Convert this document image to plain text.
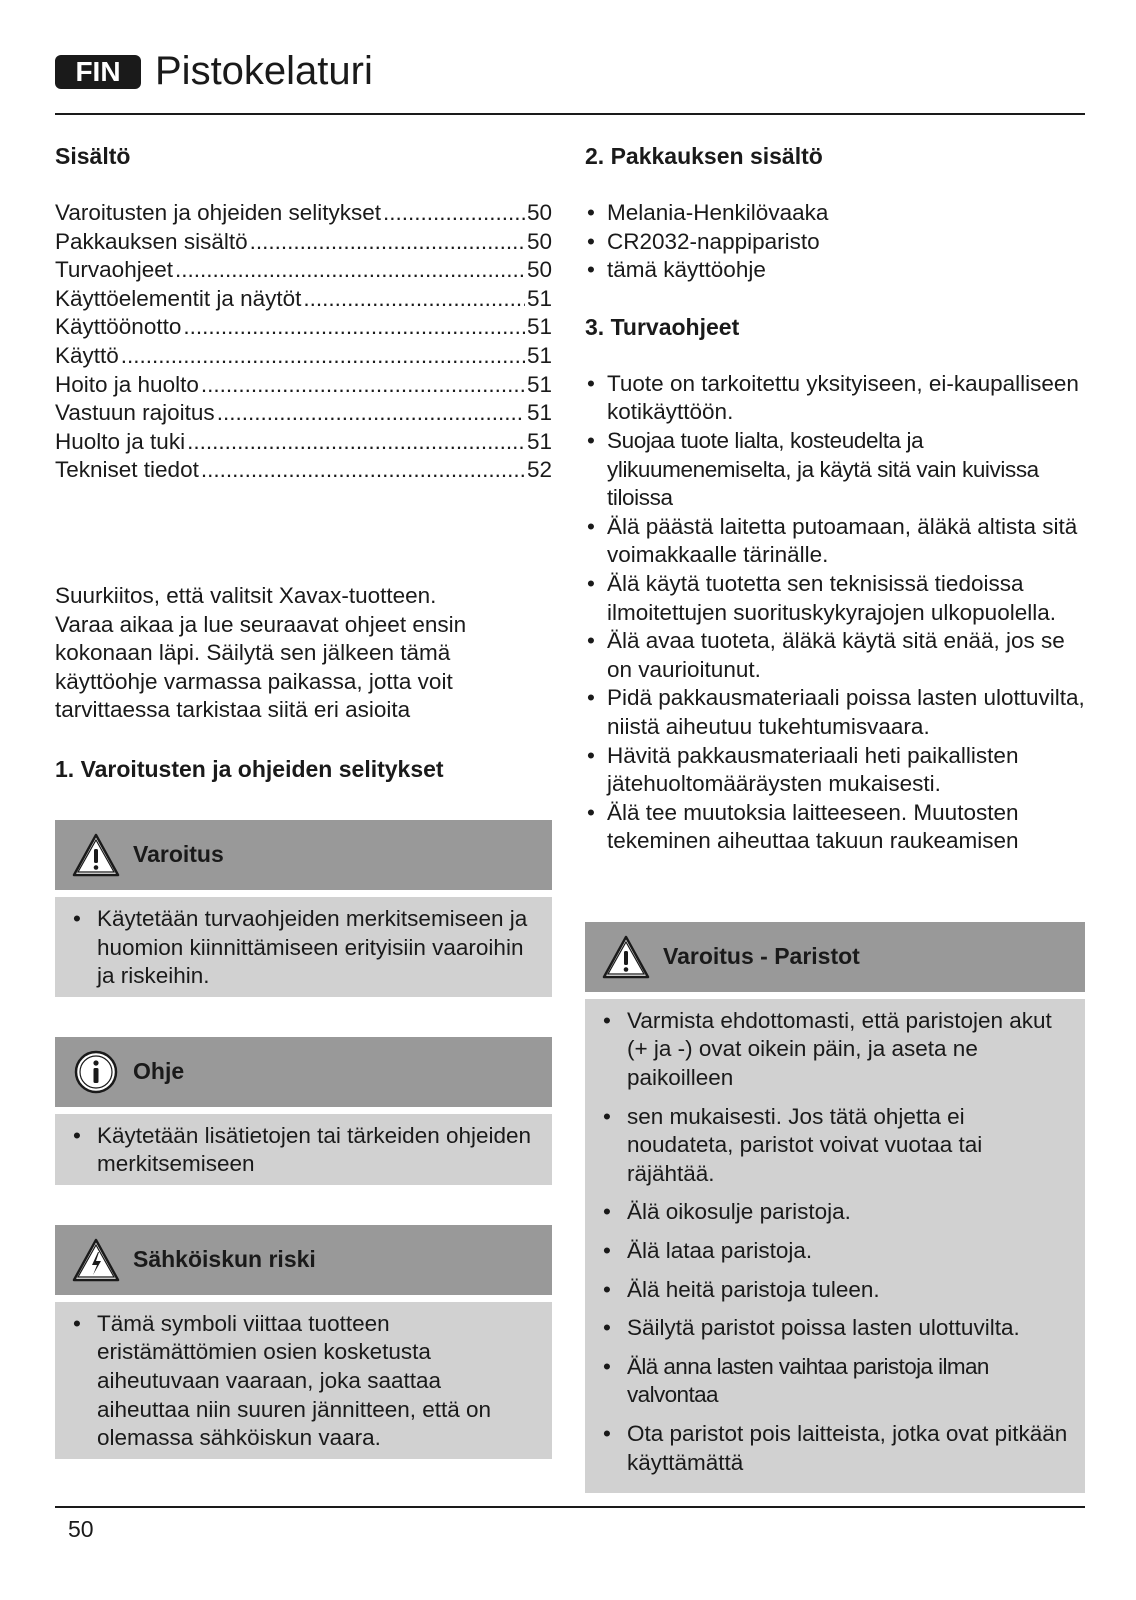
FIN Pistokelaturi
Sisältö
Varoitusten ja ohjeiden selitykset .....	50
Pakkauksen sisältö .....	50
Turvaohjeet .....	50
Käyttöelementit ja näytöt .....	51
Käyttöönotto .....	51
Käyttö .....	51
Hoito ja huolto .....	51
Vastuun rajoitus .....	51
Huolto ja tuki .....	51
Tekniset tiedot .....	52

Suurkiitos, että valitsit Xavax-tuotteen.

Varaa aikaa ja lue seuraavat ohjeet ensin kokonaan läpi. Säilytä sen jälkeen tämä käyttöohje varmassa paikassa, jotta voit tarvittaessa tarkistaa siitä eri asioita

1. Varoitusten ja ohjeiden selitykset
Varoitus
• Käytetään turvaohjeiden merkitsemiseen ja huomion kiinnittämiseen erityisiin vaaroihin ja riskeihin.
Ohje
• Käytetään lisätietojen tai tärkeiden ohjeiden merkitsemiseen
Sähköiskun riski
• Tämä symboli viittaa tuotteen eristämättömien osien kosketusta aiheutuvaan vaaraan, joka saattaa aiheuttaa niin suuren jännitteen, että on olemassa sähköiskun vaara.
2. Pakkauksen sisältö
• Melania-Henkilövaaka
• CR2032-nappiparisto
• tämä käyttöohje
3. Turvaohjeet
• Tuote on tarkoitettu yksityiseen, ei-kaupalliseen kotikäyttöön.
• Suojaa tuote lialta, kosteudelta ja ylikuumenemiselta, ja käytä sitä vain kuivissa tiloissa
• Älä päästä laitetta putoamaan, äläkä altista sitä voimakkaalle tärinälle.
• Älä käytä tuotetta sen teknisissä tiedoissa ilmoitettujen suorituskykyrajojen ulkopuolella.
• Älä avaa tuoteta, äläkä käytä sitä enää, jos se on vaurioitunut.
• Pidä pakkausmateriaali poissa lasten ulottuvilta, niistä aiheutuu tukehtumisvaara.
• Hävitä pakkausmateriaali heti paikallisten jätehuoltomääräysten mukaisesti.
• Älä tee muutoksia laitteeseen. Muutosten tekeminen aiheuttaa takuun raukeamisen
Varoitus - Paristot
• Varmista ehdottomasti, että paristojen akut (+ ja -) ovat oikein päin, ja aseta ne paikoilleen
• sen mukaisesti. Jos tätä ohjetta ei noudateta, paristot voivat vuotaa tai räjähtää.
• Älä oikosulje paristoja.
• Älä lataa paristoja.
• Älä heitä paristoja tuleen.
• Säilytä paristot poissa lasten ulottuvilta.
• Älä anna lasten vaihtaa paristoja ilman valvontaa
• Ota paristot pois laitteista, jotka ovat pitkään käyttämättä
50
